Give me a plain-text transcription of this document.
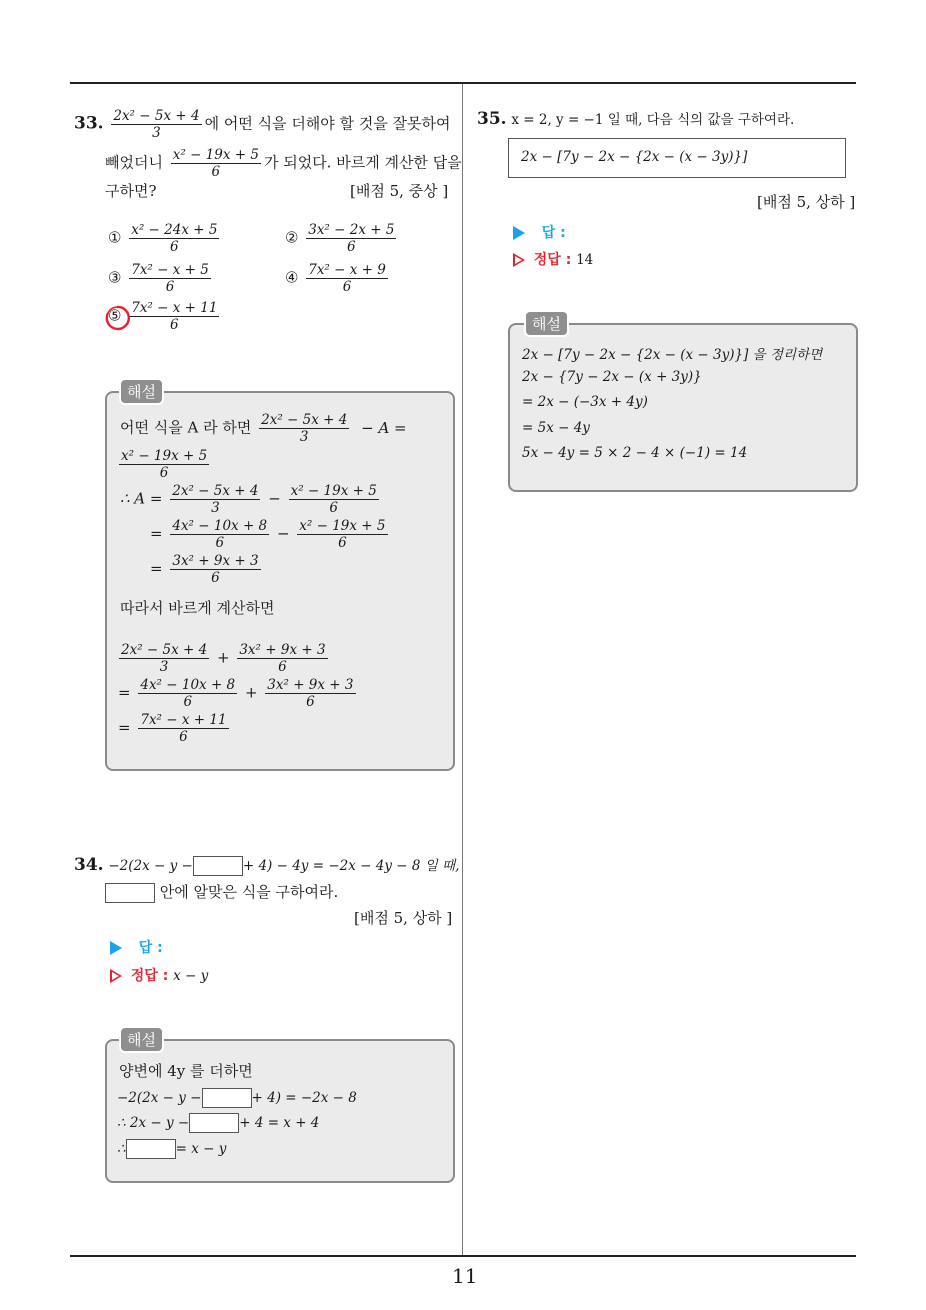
11
33. $\frac{\text{2x² − 5x + 4}}{3}$ 에 어떤 식을 더해야 할 것을 잘못하여
빼었더니 $\frac{\text{x² − 19x + 5}}{6}$ 가 되었다. 바르게 계산한 답을
구하면?	[배점 5, 중상 ]
① $\frac{\text{x² − 24x + 5}}{6}$	② $\frac{\text{3x² − 2x + 5}}{6}$
③ $\frac{\text{7x² − x + 5}}{6}$	④ $\frac{\text{7x² − x + 9}}{6}$
⑤ $\frac{\text{7x² − x + 11}}{6}$
해설
어떤 식을 A 라 하면 $\frac{\text{2x² − 5x + 4}}{3} - A$ =
$\frac{\text{x² − 19x + 5}}{6}$
∴ $A = \frac{\text{2x² − 5x + 4}}{3} - \frac{\text{x² − 19x + 5}}{6}$
= $\frac{\text{4x² − 10x + 8}}{6} - \frac{\text{x² − 19x + 5}}{6}$
= $\frac{\text{3x² + 9x + 3}}{6}$
따라서 바르게 계산하면
$\frac{\text{2x² − 5x + 4}}{3} + \frac{\text{3x² + 9x + 3}}{6}$
= $\frac{\text{4x² − 10x + 8}}{6} + \frac{\text{3x² + 9x + 3}}{6}$
= $\frac{\text{7x² − x + 11}}{6}$
34. −2(2x − y −	+ 4) − 4y = −2x − 4y − 8 일 때,
안에 알맞은 식을 구하여라.
[배점 5, 상하 ]
답 :
정답 : x − y
해설
양변에 4y 를 더하면
−2(2x − y −	+ 4) = −2x − 8
∴ 2x − y −	+ 4 = x + 4
∴	= x − y
35. x = 2, y = −1 일 때, 다음 식의 값을 구하여라.
2x − [7y − 2x − {2x − (x − 3y)}]
[배점 5, 상하 ]
답 :
정답 : 14
해설
2x − [7y − 2x − {2x − (x − 3y)}] 을 정리하면
2x − {7y − 2x − (x + 3y)}
= 2x − (−3x + 4y)
= 5x − 4y
5x − 4y = 5 × 2 − 4 × (−1) = 14
